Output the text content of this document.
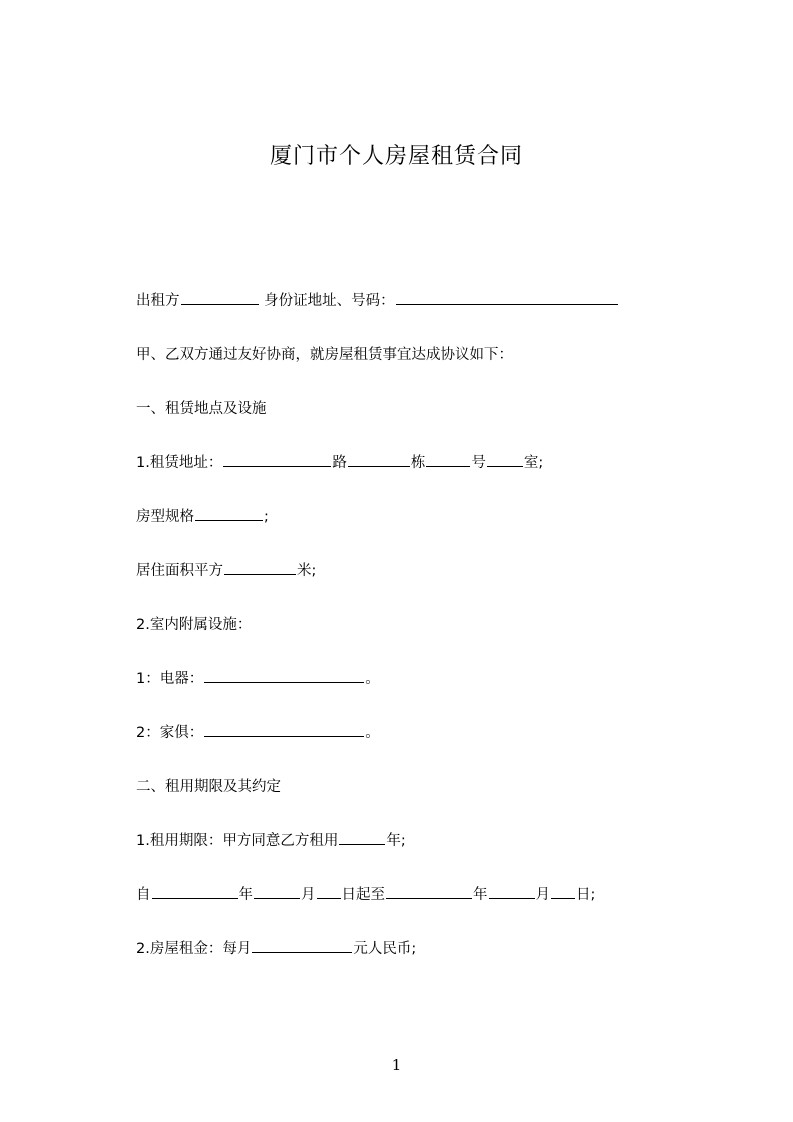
厦门市个人房屋租赁合同
出租方	身份证地址、号码：
甲、乙双方通过友好协商，就房屋租赁事宜达成协议如下：
一、租赁地点及设施
1.租赁地址：	路	栋	号	室;
房型规格	;
居住面积平方	米;
2.室内附属设施：
1：电器：	。
2：家俱：	。
二、租用期限及其约定
1.租用期限：甲方同意乙方租用	年;
自	年	月 日起至	年	月 日;
2.房屋租金：每月	元人民币;
1
